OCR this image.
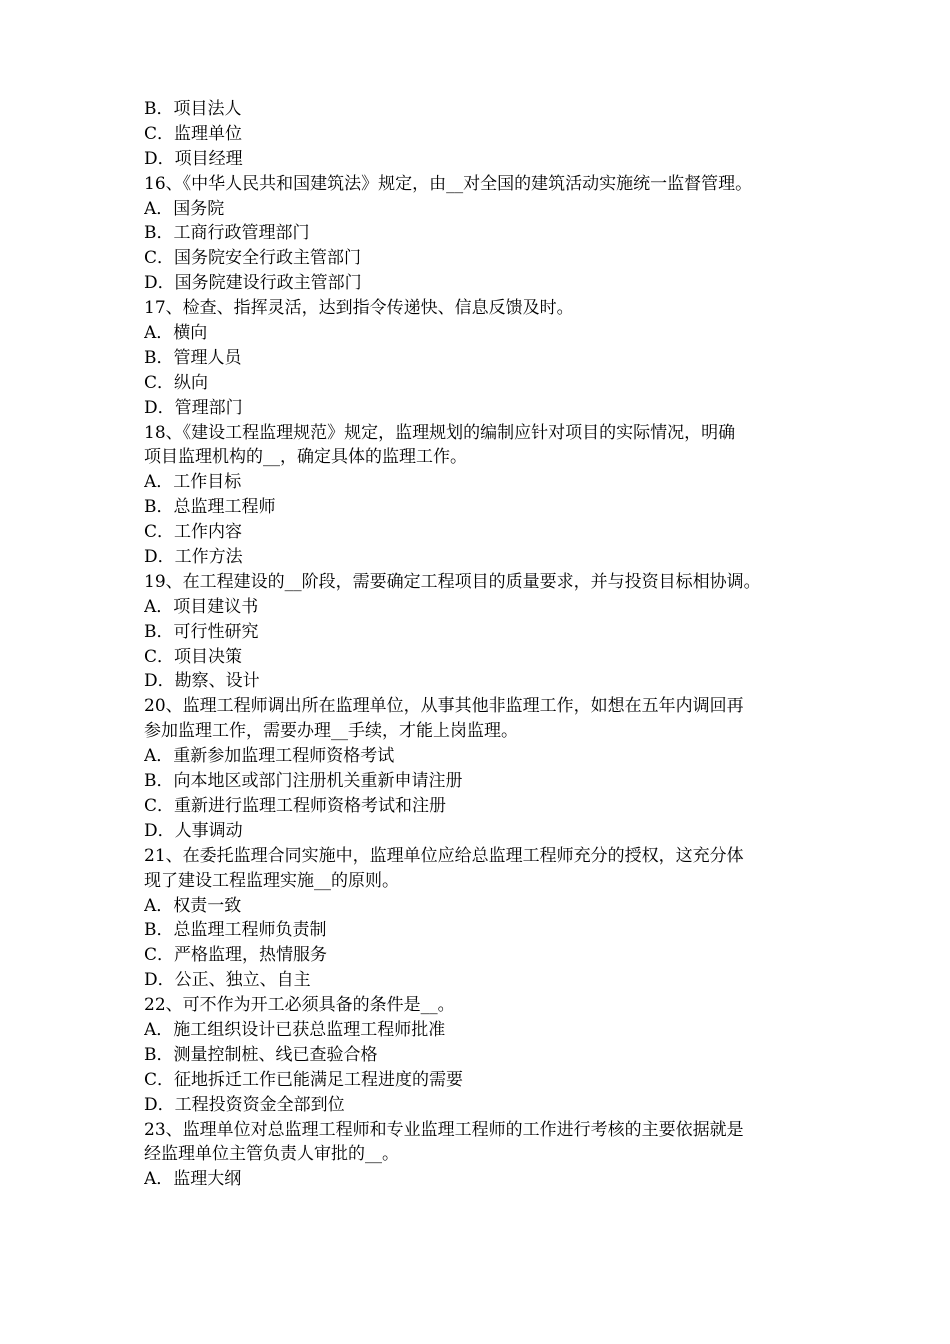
B．项目法人
C．监理单位
D．项目经理
16、《中华人民共和国建筑法》规定，由__对全国的建筑活动实施统一监督管理。
A．国务院
B．工商行政管理部门
C．国务院安全行政主管部门
D．国务院建设行政主管部门
17、检查、指挥灵活，达到指令传递快、信息反馈及时。
A．横向
B．管理人员
C．纵向
D．管理部门
18、《建设工程监理规范》规定，监理规划的编制应针对项目的实际情况，明确
项目监理机构的__，确定具体的监理工作。
A．工作目标
B．总监理工程师
C．工作内容
D．工作方法
19、在工程建设的__阶段，需要确定工程项目的质量要求，并与投资目标相协调。
A．项目建议书
B．可行性研究
C．项目决策
D．勘察、设计
20、监理工程师调出所在监理单位，从事其他非监理工作，如想在五年内调回再
参加监理工作，需要办理__手续，才能上岗监理。
A．重新参加监理工程师资格考试
B．向本地区或部门注册机关重新申请注册
C．重新进行监理工程师资格考试和注册
D．人事调动
21、在委托监理合同实施中，监理单位应给总监理工程师充分的授权，这充分体
现了建设工程监理实施__的原则。
A．权责一致
B．总监理工程师负责制
C．严格监理，热情服务
D．公正、独立、自主
22、可不作为开工必须具备的条件是__。
A．施工组织设计已获总监理工程师批准
B．测量控制桩、线已查验合格
C．征地拆迁工作已能满足工程进度的需要
D．工程投资资金全部到位
23、监理单位对总监理工程师和专业监理工程师的工作进行考核的主要依据就是
经监理单位主管负责人审批的__。
A．监理大纲
